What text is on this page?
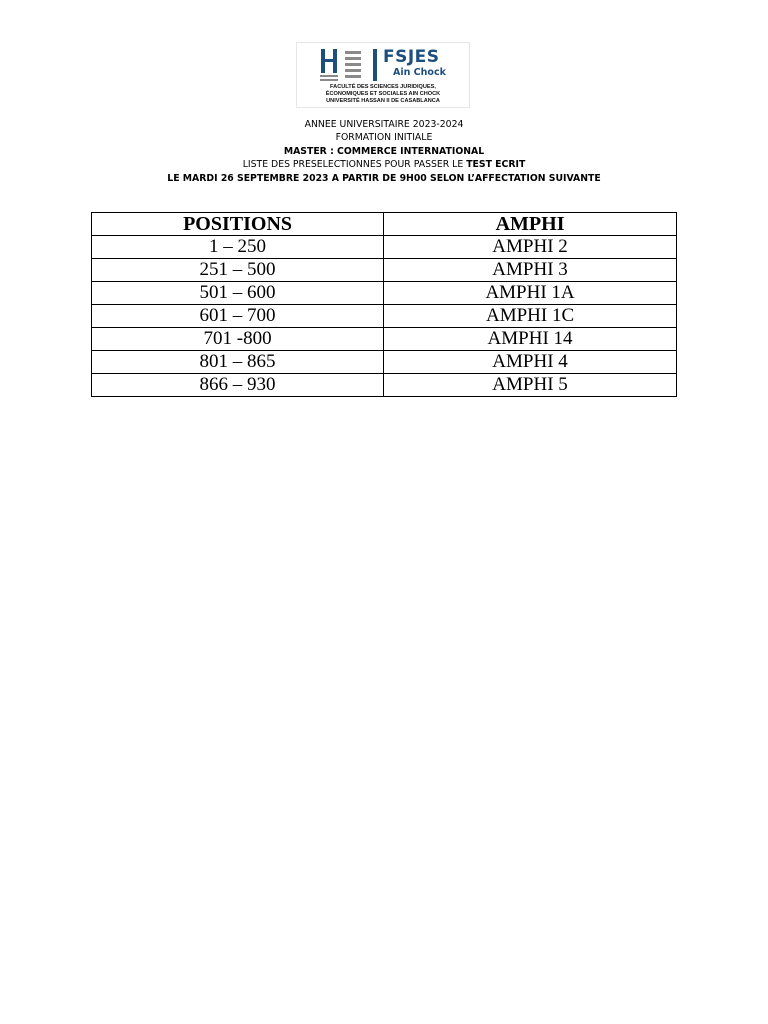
FSJES
Ain Chock
FACULTÉ DES SCIENCES JURIDIQUES,
ÉCONOMIQUES ET SOCIALES AIN CHOCK
UNIVERSITÉ HASSAN II DE CASABLANCA
ANNEE UNIVERSITAIRE 2023-2024
FORMATION INITIALE
MASTER : COMMERCE INTERNATIONAL
LISTE DES PRESELECTIONNES POUR PASSER LE TEST ECRIT
LE MARDI 26 SEPTEMBRE 2023 A PARTIR DE 9H00 SELON L’AFFECTATION SUIVANTE
POSITIONS	AMPHI
1 – 250	AMPHI 2
251 – 500	AMPHI 3
501 – 600	AMPHI 1A
601 – 700	AMPHI 1C
701 -800	AMPHI 14
801 – 865	AMPHI 4
866 – 930	AMPHI 5
